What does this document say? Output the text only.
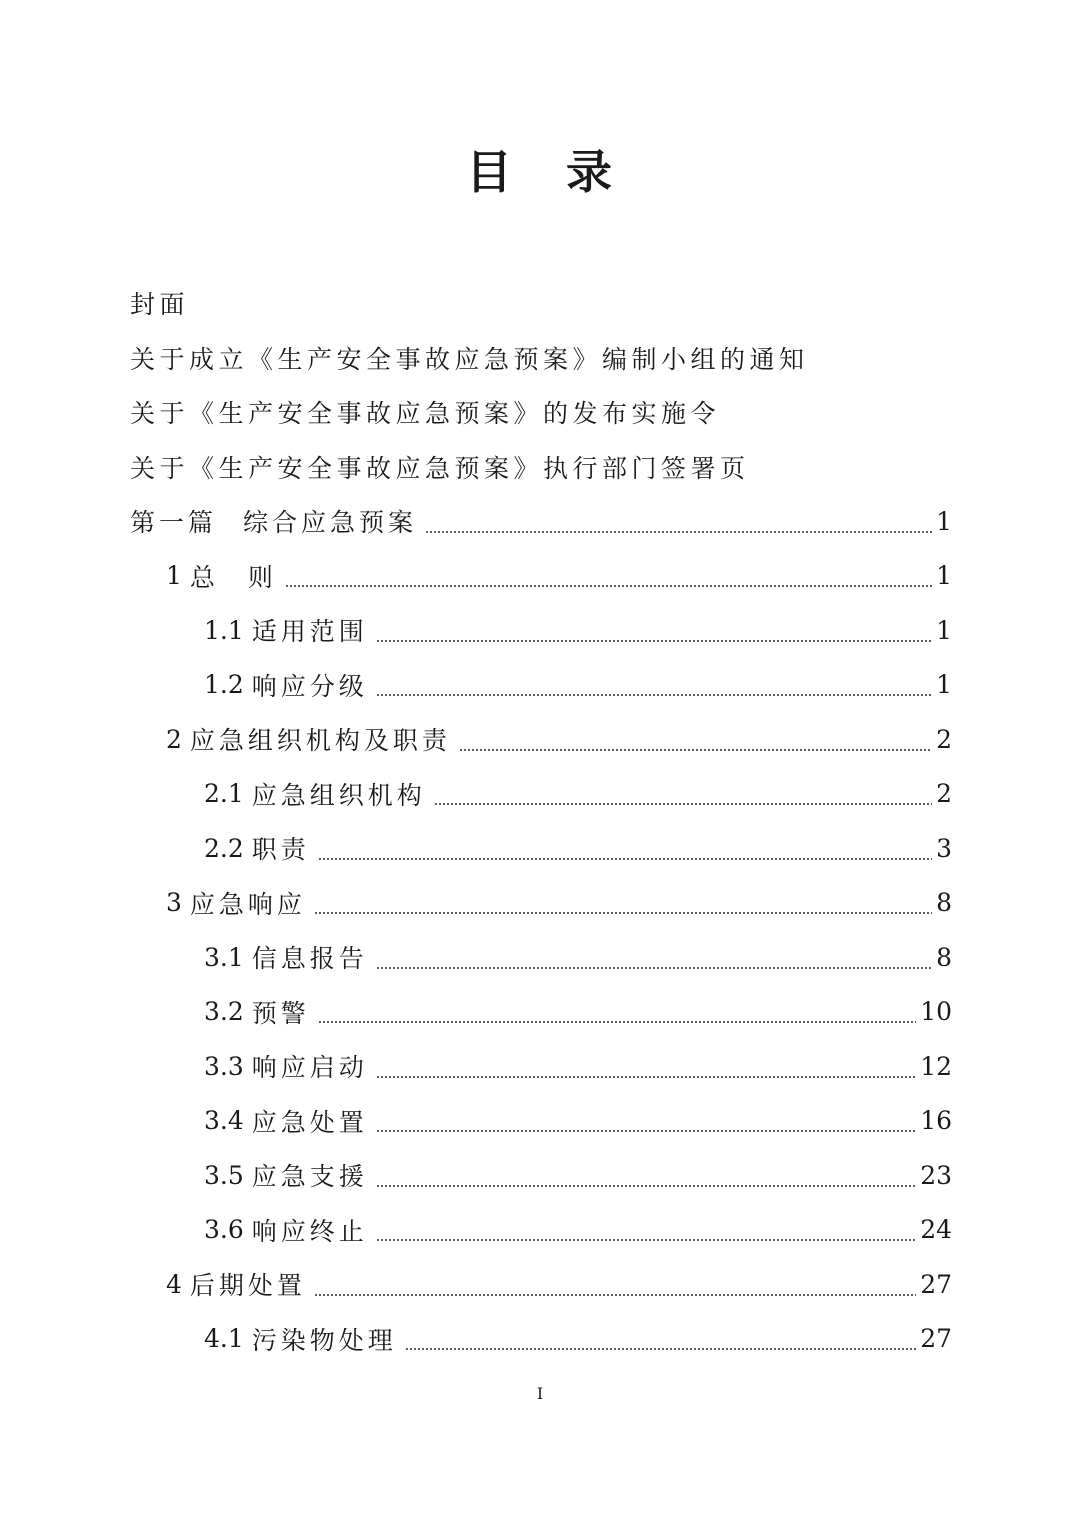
目 录
封面
关于成立《生产安全事故应急预案》编制小组的通知
关于《生产安全事故应急预案》的发布实施令
关于《生产安全事故应急预案》执行部门签署页
第一篇 综合应急预案	1
1 总　则	1
1.1 适用范围	1
1.2 响应分级	1
2 应急组织机构及职责	2
2.1 应急组织机构	2
2.2 职责	3
3 应急响应	8
3.1 信息报告	8
3.2 预警	10
3.3 响应启动	12
3.4 应急处置	16
3.5 应急支援	23
3.6 响应终止	24
4 后期处置	27
4.1 污染物处理	27
I
